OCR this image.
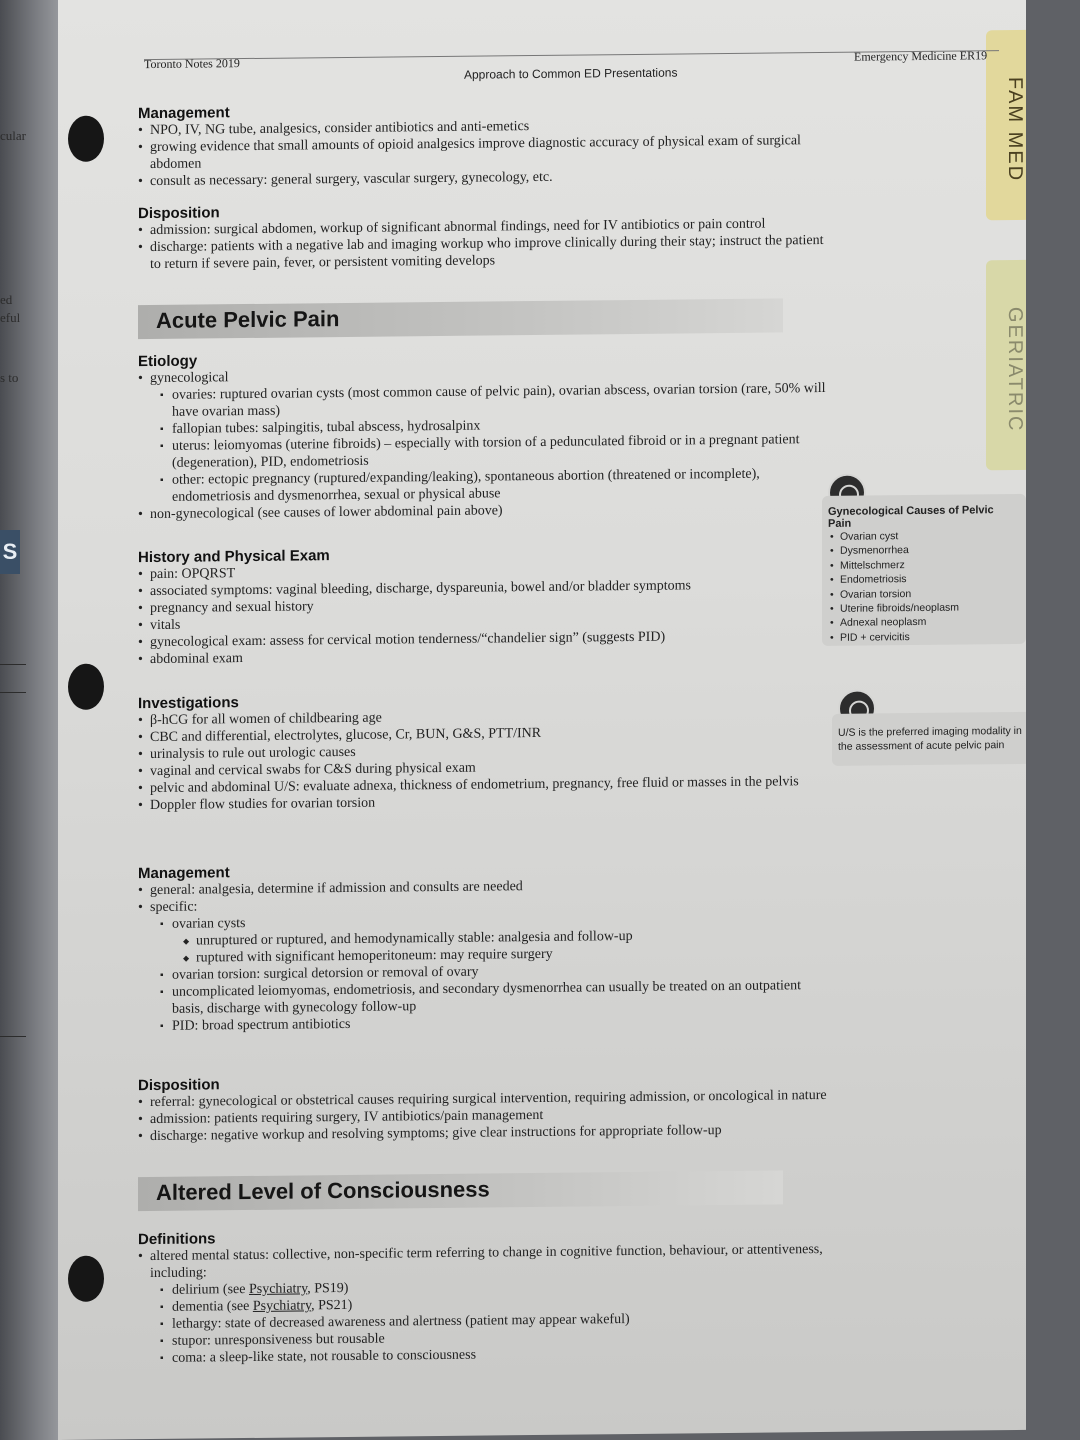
cular
ed
eful
s to
S
FAM MED
GERIATRIC
Toronto Notes 2019
Approach to Common ED Presentations
Emergency Medicine ER19
Management
• NPO, IV, NG tube, analgesics, consider antibiotics and anti-emetics
• growing evidence that small amounts of opioid analgesics improve diagnostic accuracy of physical exam of surgical abdomen
• consult as necessary: general surgery, vascular surgery, gynecology, etc.
Disposition
• admission: surgical abdomen, workup of significant abnormal findings, need for IV antibiotics or pain control
• discharge: patients with a negative lab and imaging workup who improve clinically during their stay; instruct the patient to return if severe pain, fever, or persistent vomiting develops
Acute Pelvic Pain
Etiology
• gynecological
▪ ovaries: ruptured ovarian cysts (most common cause of pelvic pain), ovarian abscess, ovarian torsion (rare, 50% will have ovarian mass)
▪ fallopian tubes: salpingitis, tubal abscess, hydrosalpinx
▪ uterus: leiomyomas (uterine fibroids) – especially with torsion of a pedunculated fibroid or in a pregnant patient (degeneration), PID, endometriosis
▪ other: ectopic pregnancy (ruptured/expanding/leaking), spontaneous abortion (threatened or incomplete), endometriosis and dysmenorrhea, sexual or physical abuse
• non-gynecological (see causes of lower abdominal pain above)
History and Physical Exam
• pain: OPQRST
• associated symptoms: vaginal bleeding, discharge, dyspareunia, bowel and/or bladder symptoms
• pregnancy and sexual history
• vitals
• gynecological exam: assess for cervical motion tenderness/“chandelier sign” (suggests PID)
• abdominal exam
Investigations
• β-hCG for all women of childbearing age
• CBC and differential, electrolytes, glucose, Cr, BUN, G&S, PTT/INR
• urinalysis to rule out urologic causes
• vaginal and cervical swabs for C&S during physical exam
• pelvic and abdominal U/S: evaluate adnexa, thickness of endometrium, pregnancy, free fluid or masses in the pelvis
• Doppler flow studies for ovarian torsion
Management
• general: analgesia, determine if admission and consults are needed
• specific:
▪ ovarian cysts
◆ unruptured or ruptured, and hemodynamically stable: analgesia and follow-up
◆ ruptured with significant hemoperitoneum: may require surgery
▪ ovarian torsion: surgical detorsion or removal of ovary
▪ uncomplicated leiomyomas, endometriosis, and secondary dysmenorrhea can usually be treated on an outpatient basis, discharge with gynecology follow-up
▪ PID: broad spectrum antibiotics
Disposition
• referral: gynecological or obstetrical causes requiring surgical intervention, requiring admission, or oncological in nature
• admission: patients requiring surgery, IV antibiotics/pain management
• discharge: negative workup and resolving symptoms; give clear instructions for appropriate follow-up
Altered Level of Consciousness
Definitions
• altered mental status: collective, non-specific term referring to change in cognitive function, behaviour, or attentiveness, including:
▪ delirium (see Psychiatry, PS19)
▪ dementia (see Psychiatry, PS21)
▪ lethargy: state of decreased awareness and alertness (patient may appear wakeful)
▪ stupor: unresponsiveness but rousable
▪ coma: a sleep-like state, not rousable to consciousness
Gynecological Causes of Pelvic Pain
• Ovarian cyst
• Dysmenorrhea
• Mittelschmerz
• Endometriosis
• Ovarian torsion
• Uterine fibroids/neoplasm
• Adnexal neoplasm
• PID + cervicitis
U/S is the preferred imaging modality in the assessment of acute pelvic pain
